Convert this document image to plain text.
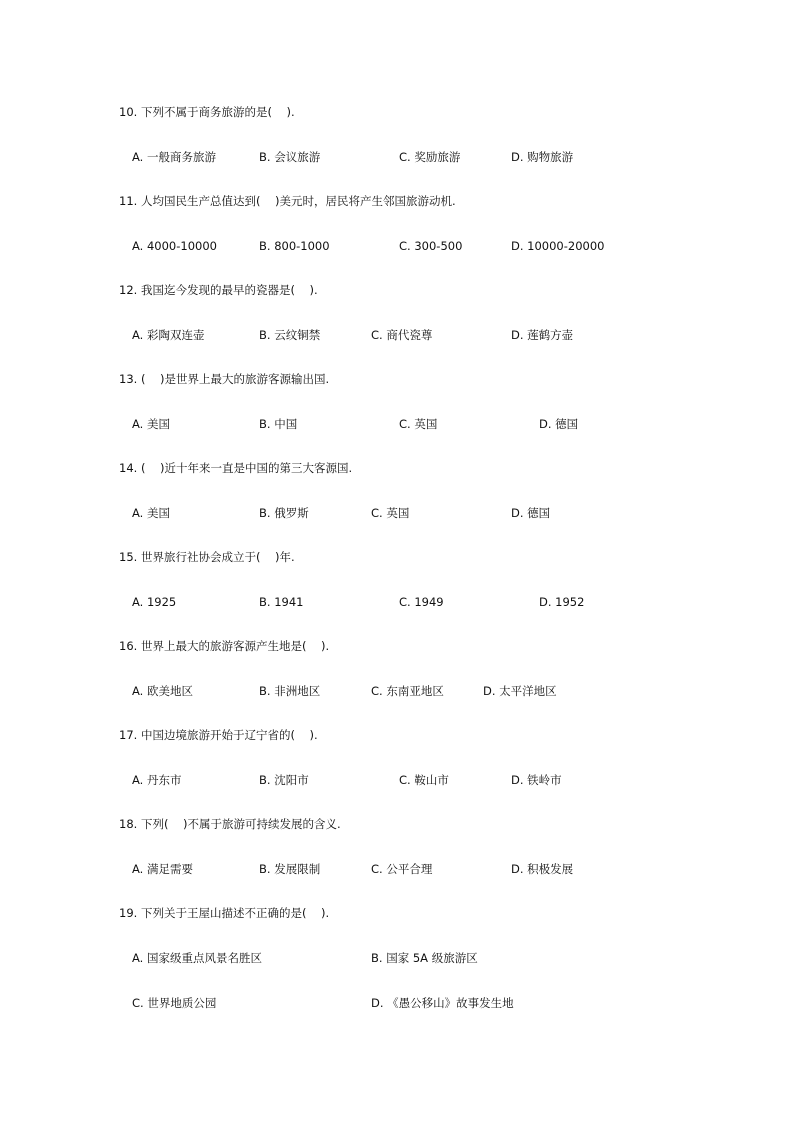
10. 下列不属于商务旅游的是(    ).
A. 一般商务旅游	B. 会议旅游	C. 奖励旅游	D. 购物旅游
11. 人均国民生产总值达到(    )美元时，居民将产生邻国旅游动机.
A. 4000-10000	B. 800-1000	C. 300-500	D. 10000-20000
12. 我国迄今发现的最早的瓷器是(    ).
A. 彩陶双连壶	B. 云纹铜禁	C. 商代瓷尊	D. 莲鹤方壶
13. (    )是世界上最大的旅游客源输出国.
A. 美国	B. 中国	C. 英国	D. 德国
14. (    )近十年来一直是中国的第三大客源国.
A. 美国	B. 俄罗斯	C. 英国	D. 德国
15. 世界旅行社协会成立于(    )年.
A. 1925	B. 1941	C. 1949	D. 1952
16. 世界上最大的旅游客源产生地是(    ).
A. 欧美地区	B. 非洲地区	C. 东南亚地区	D. 太平洋地区
17. 中国边境旅游开始于辽宁省的(    ).
A. 丹东市	B. 沈阳市	C. 鞍山市	D. 铁岭市
18. 下列(    )不属于旅游可持续发展的含义.
A. 满足需要	B. 发展限制	C. 公平合理	D. 积极发展
19. 下列关于王屋山描述不正确的是(    ).
A. 国家级重点风景名胜区	B. 国家 5A 级旅游区
C. 世界地质公园	D. 《愚公移山》故事发生地
